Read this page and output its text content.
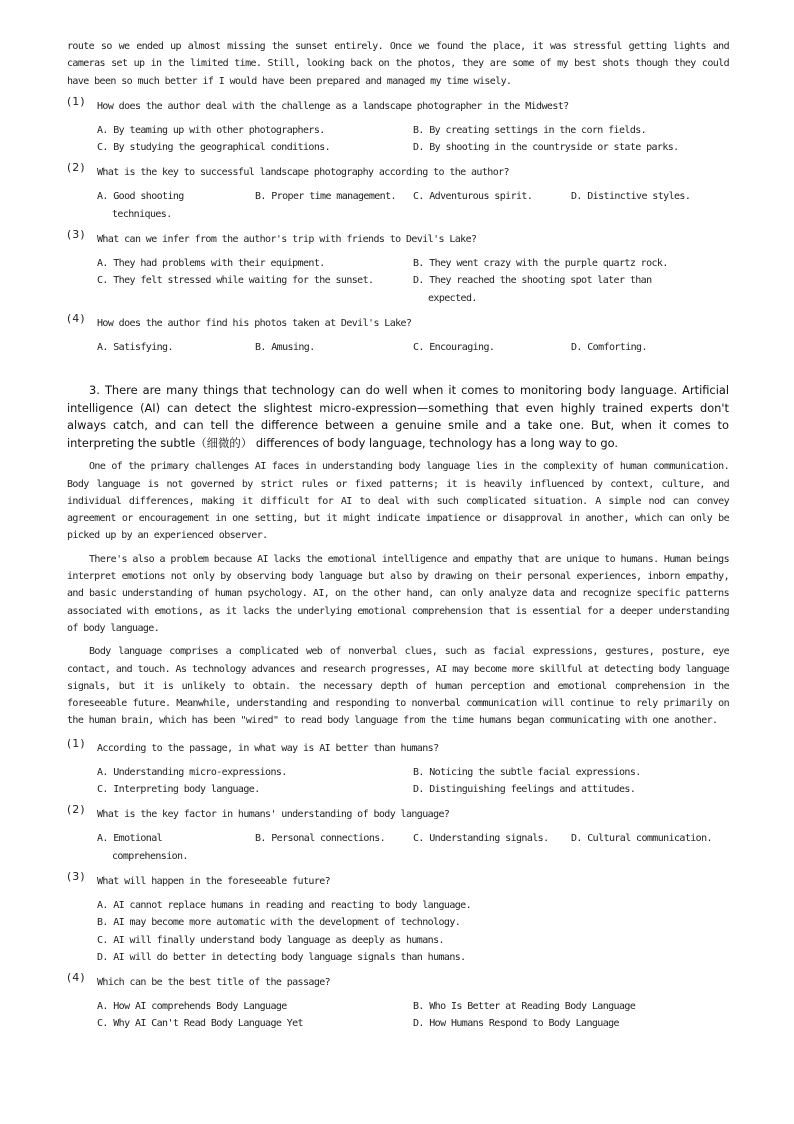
route so we ended up almost missing the sunset entirely. Once we found the place, it was stressful getting lights and cameras set up in the limited time. Still, looking back on the photos, they are some of my best shots though they could have been so much better if I would have been prepared and managed my time wisely.

(1) How does the author deal with the challenge as a landscape photographer in the Midwest?
A. By teaming up with other photographers.	B. By creating settings in the corn fields.
C. By studying the geographical conditions.	D. By shooting in the countryside or state parks.
(2) What is the key to successful landscape photography according to the author?
A. Good shooting techniques.
B. Proper time management.	C. Adventurous spirit.	D. Distinctive styles.
(3) What can we infer from the author's trip with friends to Devil's Lake?
A. They had problems with their equipment.	B. They went crazy with the purple quartz rock.
C. They felt stressed while waiting for the sunset.	D. They reached the shooting spot later than expected.
(4) How does the author find his photos taken at Devil's Lake?
A. Satisfying.	B. Amusing.	C. Encouraging.	D. Comforting.

3. There are many things that technology can do well when it comes to monitoring body language. Artificial intelligence (AI) can detect the slightest micro-expression—something that even highly trained experts don't always catch, and can tell the difference between a genuine smile and a take one. But, when it comes to interpreting the subtle（细微的） differences of body language, technology has a long way to go.

One of the primary challenges AI faces in understanding body language lies in the complexity of human communication. Body language is not governed by strict rules or fixed patterns; it is heavily influenced by context, culture, and individual differences, making it difficult for AI to deal with such complicated situation. A simple nod can convey agreement or encouragement in one setting, but it might indicate impatience or disapproval in another, which can only be picked up by an experienced observer.

There's also a problem because AI lacks the emotional intelligence and empathy that are unique to humans. Human beings interpret emotions not only by observing body language but also by drawing on their personal experiences, inborn empathy, and basic understanding of human psychology. AI, on the other hand, can only analyze data and recognize specific patterns associated with emotions, as it lacks the underlying emotional comprehension that is essential for a deeper understanding of body language.

Body language comprises a complicated web of nonverbal clues, such as facial expressions, gestures, posture, eye contact, and touch. As technology advances and research progresses, AI may become more skillful at detecting body language signals, but it is unlikely to obtain. the necessary depth of human perception and emotional comprehension in the foreseeable future. Meanwhile, understanding and responding to nonverbal communication will continue to rely primarily on the human brain, which has been "wired" to read body language from the time humans began communicating with one another.

(1) According to the passage, in what way is AI better than humans?
A. Understanding micro-expressions.	B. Noticing the subtle facial expressions.
C. Interpreting body language.	D. Distinguishing feelings and attitudes.
(2) What is the key factor in humans' understanding of body language?
A. Emotional comprehension.
B. Personal connections.	C. Understanding signals.	D. Cultural communication.
(3) What will happen in the foreseeable future?
A. AI cannot replace humans in reading and reacting to body language.
B. AI may become more automatic with the development of technology.
C. AI will finally understand body language as deeply as humans.
D. AI will do better in detecting body language signals than humans.
(4) Which can be the best title of the passage?
A. How AI comprehends Body Language	B. Who Is Better at Reading Body Language
C. Why AI Can't Read Body Language Yet	D. How Humans Respond to Body Language
